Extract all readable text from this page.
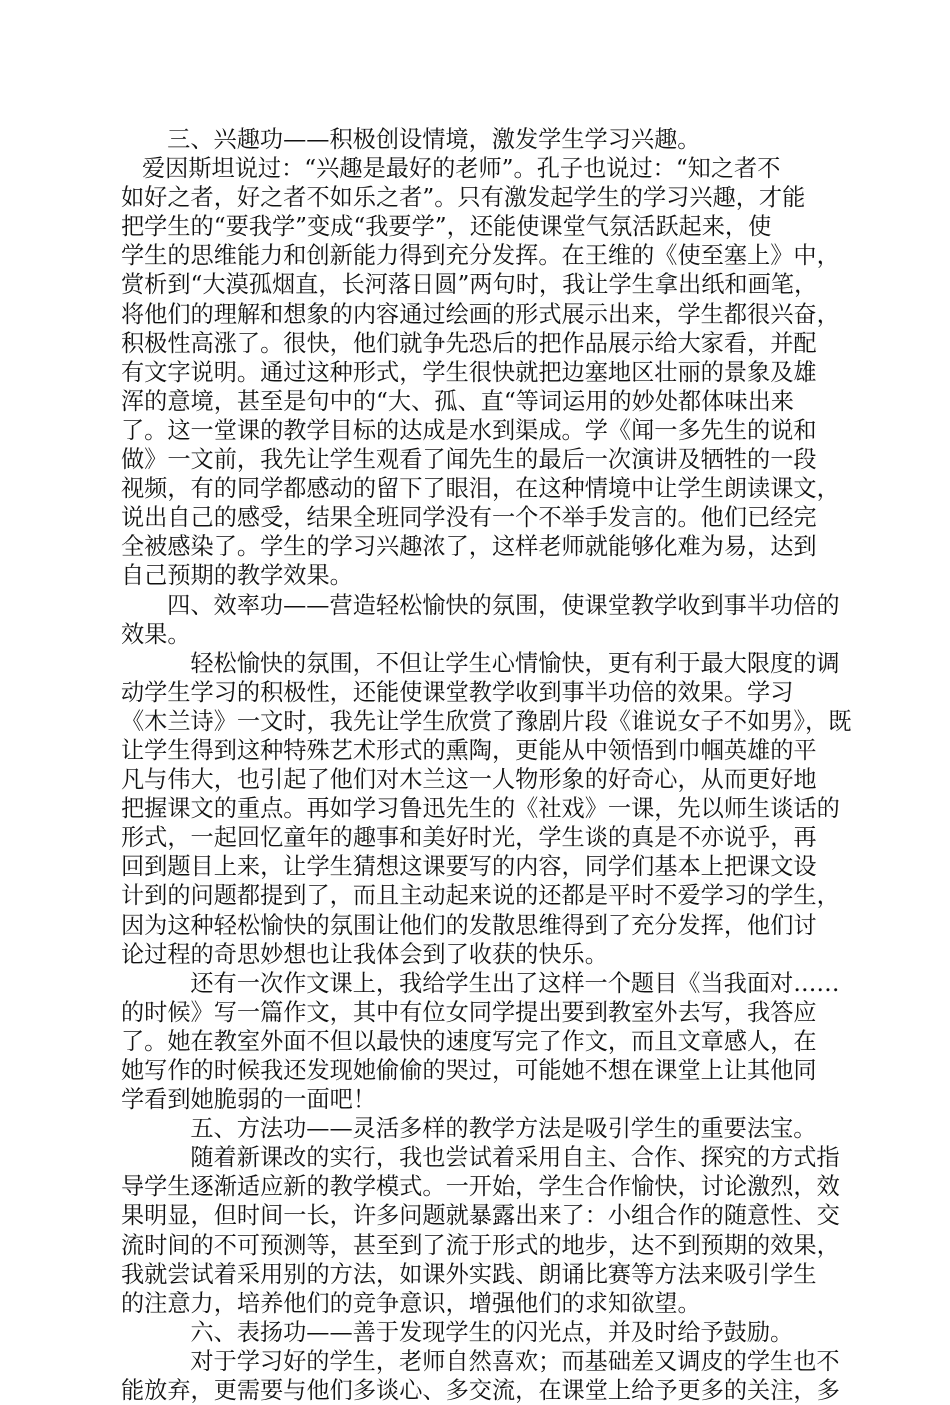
　三、兴趣功——积极创设情境，激发学生学习兴趣。
爱因斯坦说过：“兴趣是最好的老师”。孔子也说过：“知之者不
如好之者，好之者不如乐之者”。只有激发起学生的学习兴趣，才能
把学生的“要我学”变成“我要学”，还能使课堂气氛活跃起来，使
学生的思维能力和创新能力得到充分发挥。在王维的《使至塞上》中，
赏析到“大漠孤烟直，长河落日圆”两句时，我让学生拿出纸和画笔，
将他们的理解和想象的内容通过绘画的形式展示出来，学生都很兴奋，
积极性高涨了。很快，他们就争先恐后的把作品展示给大家看，并配
有文字说明。通过这种形式，学生很快就把边塞地区壮丽的景象及雄
浑的意境，甚至是句中的“大、孤、直“等词运用的妙处都体味出来
了。这一堂课的教学目标的达成是水到渠成。学《闻一多先生的说和
做》一文前，我先让学生观看了闻先生的最后一次演讲及牺牲的一段
视频，有的同学都感动的留下了眼泪，在这种情境中让学生朗读课文，
说出自己的感受，结果全班同学没有一个不举手发言的。他们已经完
全被感染了。学生的学习兴趣浓了，这样老师就能够化难为易，达到
自己预期的教学效果。
　四、效率功——营造轻松愉快的氛围，使课堂教学收到事半功倍的
效果。
　　轻松愉快的氛围，不但让学生心情愉快，更有利于最大限度的调
动学生学习的积极性，还能使课堂教学收到事半功倍的效果。学习
《木兰诗》一文时，我先让学生欣赏了豫剧片段《谁说女子不如男》，既
让学生得到这种特殊艺术形式的熏陶，更能从中领悟到巾帼英雄的平
凡与伟大，也引起了他们对木兰这一人物形象的好奇心，从而更好地
把握课文的重点。再如学习鲁迅先生的《社戏》一课，先以师生谈话的
形式，一起回忆童年的趣事和美好时光，学生谈的真是不亦说乎，再
回到题目上来，让学生猜想这课要写的内容，同学们基本上把课文设
计到的问题都提到了，而且主动起来说的还都是平时不爱学习的学生，
因为这种轻松愉快的氛围让他们的发散思维得到了充分发挥，他们讨
论过程的奇思妙想也让我体会到了收获的快乐。
　　还有一次作文课上，我给学生出了这样一个题目《当我面对……
的时候》写一篇作文，其中有位女同学提出要到教室外去写，我答应
了。她在教室外面不但以最快的速度写完了作文，而且文章感人，在
她写作的时候我还发现她偷偷的哭过，可能她不想在课堂上让其他同
学看到她脆弱的一面吧！
　　五、方法功——灵活多样的教学方法是吸引学生的重要法宝。
　　随着新课改的实行，我也尝试着采用自主、合作、探究的方式指
导学生逐渐适应新的教学模式。一开始，学生合作愉快，讨论激烈，效
果明显，但时间一长，许多问题就暴露出来了：小组合作的随意性、交
流时间的不可预测等，甚至到了流于形式的地步，达不到预期的效果，
我就尝试着采用别的方法，如课外实践、朗诵比赛等方法来吸引学生
的注意力，培养他们的竞争意识，增强他们的求知欲望。
　　六、表扬功——善于发现学生的闪光点，并及时给予鼓励。
　　对于学习好的学生，老师自然喜欢；而基础差又调皮的学生也不
能放弃，更需要与他们多谈心、多交流，在课堂上给予更多的关注，多
